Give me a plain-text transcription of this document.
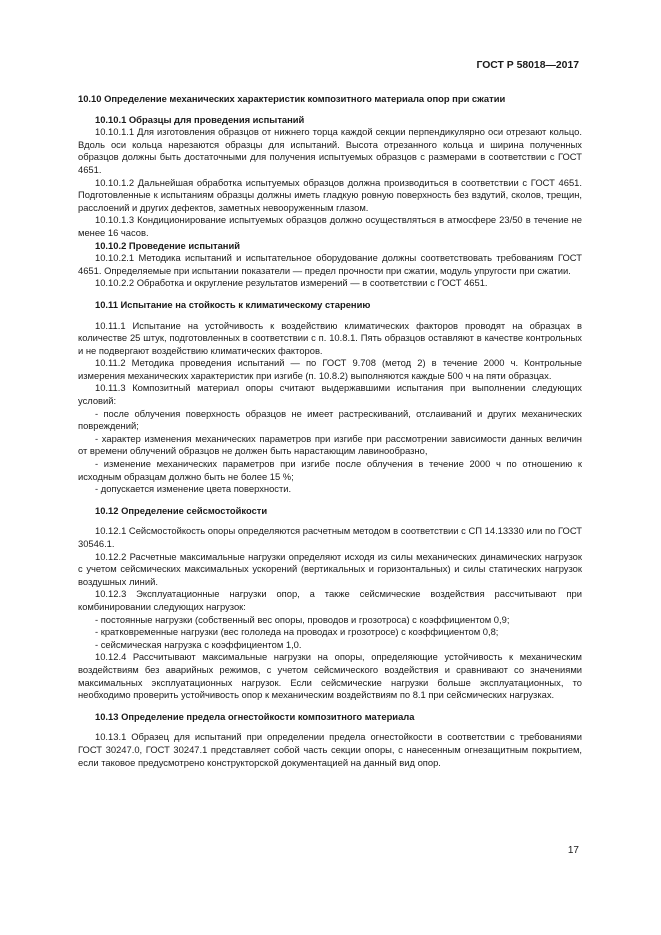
ГОСТ Р 58018—2017
10.10 Определение механических характеристик композитного материала опор при сжатии
10.10.1 Образцы для проведения испытаний
10.10.1.1 Для изготовления образцов от нижнего торца каждой секции перпендикулярно оси отрезают кольцо. Вдоль оси кольца нарезаются образцы для испытаний. Высота отрезанного кольца и ширина полученных образцов должны быть достаточными для получения испытуемых образцов с размерами в соответствии с ГОСТ 4651.
10.10.1.2 Дальнейшая обработка испытуемых образцов должна производиться в соответствии с ГОСТ 4651. Подготовленные к испытаниям образцы должны иметь гладкую ровную поверхность без вздутий, сколов, трещин, расслоений и других дефектов, заметных невооруженным глазом.
10.10.1.3 Кондиционирование испытуемых образцов должно осуществляться в атмосфере 23/50 в течение не менее 16 часов.
10.10.2 Проведение испытаний
10.10.2.1 Методика испытаний и испытательное оборудование должны соответствовать требованиям ГОСТ 4651. Определяемые при испытании показатели — предел прочности при сжатии, модуль упругости при сжатии.
10.10.2.2 Обработка и округление результатов измерений — в соответствии с ГОСТ 4651.
10.11 Испытание на стойкость к климатическому старению
10.11.1 Испытание на устойчивость к воздействию климатических факторов проводят на образцах в количестве 25 штук, подготовленных в соответствии с п. 10.8.1. Пять образцов оставляют в качестве контрольных и не подвергают воздействию климатических факторов.
10.11.2 Методика проведения испытаний — по ГОСТ 9.708 (метод 2) в течение 2000 ч. Контрольные измерения механических характеристик при изгибе (п. 10.8.2) выполняются каждые 500 ч на пяти образцах.
10.11.3 Композитный материал опоры считают выдержавшими испытания при выполнении следующих условий:
- после облучения поверхность образцов не имеет растрескиваний, отслаиваний и других механических повреждений;
- характер изменения механических параметров при изгибе при рассмотрении зависимости данных величин от времени облучений образцов не должен быть нарастающим лавинообразно,
- изменение механических параметров при изгибе после облучения в течение 2000 ч по отношению к исходным образцам должно быть не более 15 %;
- допускается изменение цвета поверхности.
10.12 Определение сейсмостойкости
10.12.1 Сейсмостойкость опоры определяются расчетным методом в соответствии с СП 14.13330 или по ГОСТ 30546.1.
10.12.2 Расчетные максимальные нагрузки определяют исходя из силы механических динамических нагрузок с учетом сейсмических максимальных ускорений (вертикальных и горизонтальных) и силы статических нагрузок воздушных линий.
10.12.3 Эксплуатационные нагрузки опор, а также сейсмические воздействия рассчитывают при комбинировании следующих нагрузок:
- постоянные нагрузки (собственный вес опоры, проводов и грозотроса) с коэффициентом 0,9;
- кратковременные нагрузки (вес гололеда на проводах и грозотросе) с коэффициентом 0,8;
- сейсмическая нагрузка с коэффициентом 1,0.
10.12.4 Рассчитывают максимальные нагрузки на опоры, определяющие устойчивость к механическим воздействиям без аварийных режимов, с учетом сейсмического воздействия и сравнивают со значениями максимальных эксплуатационных нагрузок. Если сейсмические нагрузки больше эксплуатационных, то необходимо проверить устойчивость опор к механическим воздействиям по 8.1 при сейсмических нагрузках.
10.13 Определение предела огнестойкости композитного материала
10.13.1 Образец для испытаний при определении предела огнестойкости в соответствии с требованиями ГОСТ 30247.0, ГОСТ 30247.1 представляет собой часть секции опоры, с нанесенным огнезащитным покрытием, если таковое предусмотрено конструкторской документацией на данный вид опор.
17
